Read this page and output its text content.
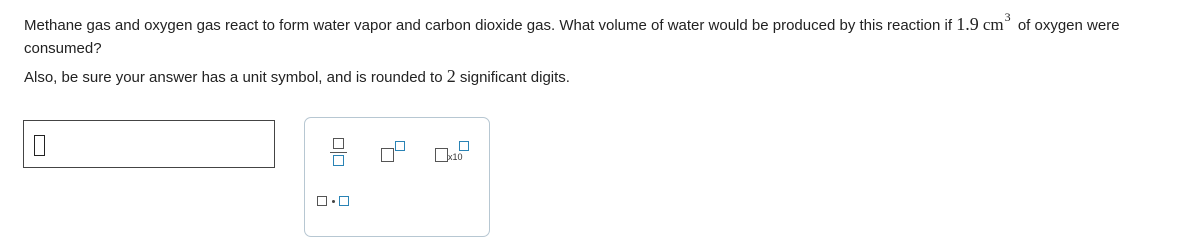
Methane gas and oxygen gas react to form water vapor and carbon dioxide gas. What volume of water would be produced by this reaction if 1.9 $cm^3$ of oxygen were consumed?

Also, be sure your answer has a unit symbol, and is rounded to 2 significant digits.

x10
